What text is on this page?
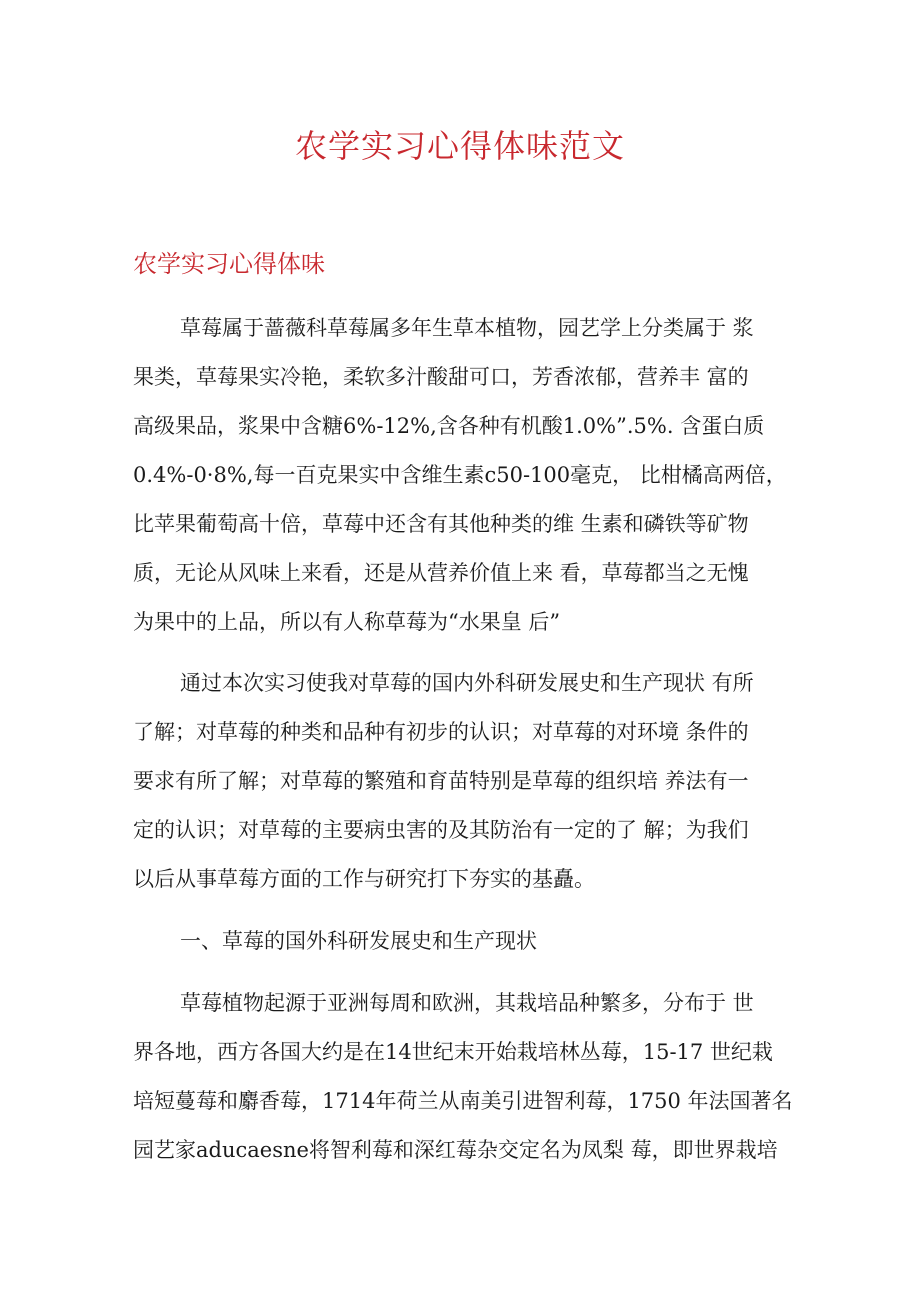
农学实习心得体味范文
农学实习心得体味

草莓属于蔷薇科草莓属多年生草本植物，园艺学上分类属于 浆

果类，草莓果实冷艳，柔软多汁酸甜可口，芳香浓郁，营养丰 富的

高级果品，浆果中含糖6%-12%,含各种有机酸1.0%”.5%. 含蛋白质

0.4%-0·8%,每一百克果实中含维生素c50-100毫克， 比柑橘高两倍，

比苹果葡萄高十倍，草莓中还含有其他种类的维 生素和磷铁等矿物

质，无论从风味上来看，还是从营养价值上来 看，草莓都当之无愧

为果中的上品，所以有人称草莓为“水果皇 后”

通过本次实习使我对草莓的国内外科研发展史和生产现状 有所

了解；对草莓的种类和品种有初步的认识；对草莓的对环境 条件的

要求有所了解；对草莓的繁殖和育苗特别是草莓的组织培 养法有一

定的认识；对草莓的主要病虫害的及其防治有一定的了 解；为我们

以后从事草莓方面的工作与研究打下夯实的基矗。

一、草莓的国外科研发展史和生产现状

草莓植物起源于亚洲每周和欧洲，其栽培品种繁多，分布于 世

界各地，西方各国大约是在14世纪末开始栽培林丛莓，15-17 世纪栽

培短蔓莓和麝香莓，1714年荷兰从南美引进智利莓，1750 年法国著名

园艺家aducaesne将智利莓和深红莓杂交定名为凤梨 莓，即世界栽培
